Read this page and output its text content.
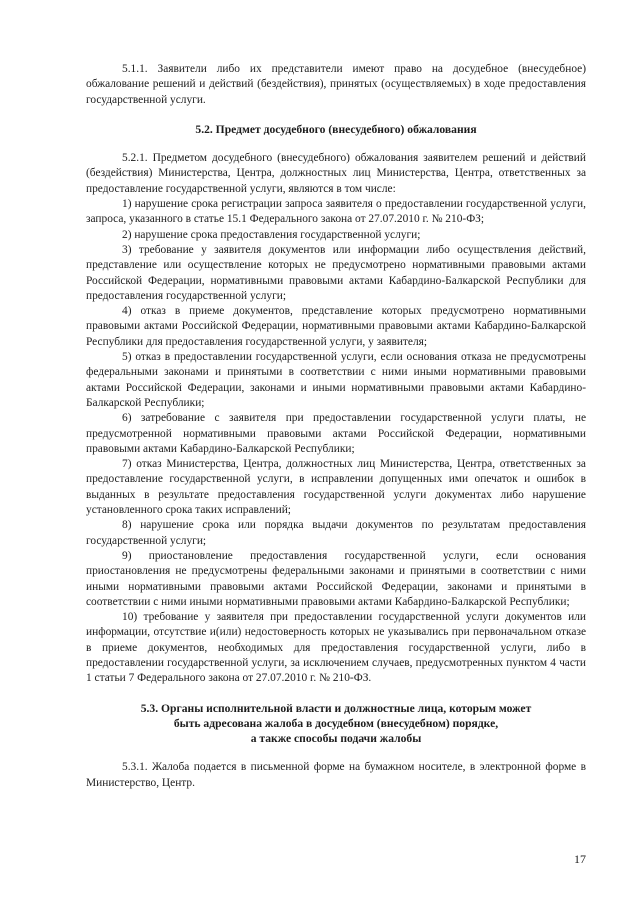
5.1.1. Заявители либо их представители имеют право на досудебное (внесудебное) обжалование решений и действий (бездействия), принятых (осуществляемых) в ходе предоставления государственной услуги.

5.2. Предмет досудебного (внесудебного) обжалования

5.2.1. Предметом досудебного (внесудебного) обжалования заявителем решений и действий (бездействия) Министерства, Центра, должностных лиц Министерства, Центра, ответственных за предоставление государственной услуги, являются в том числе:

1) нарушение срока регистрации запроса заявителя о предоставлении государственной услуги, запроса, указанного в статье 15.1 Федерального закона от 27.07.2010 г. № 210-ФЗ;

2) нарушение срока предоставления государственной услуги;

3) требование у заявителя документов или информации либо осуществления действий, представление или осуществление которых не предусмотрено нормативными правовыми актами Российской Федерации, нормативными правовыми актами Кабардино-Балкарской Республики для предоставления государственной услуги;

4) отказ в приеме документов, представление которых предусмотрено нормативными правовыми актами Российской Федерации, нормативными правовыми актами Кабардино-Балкарской Республики для предоставления государственной услуги, у заявителя;

5) отказ в предоставлении государственной услуги, если основания отказа не предусмотрены федеральными законами и принятыми в соответствии с ними иными нормативными правовыми актами Российской Федерации, законами и иными нормативными правовыми актами Кабардино-Балкарской Республики;

6) затребование с заявителя при предоставлении государственной услуги платы, не предусмотренной нормативными правовыми актами Российской Федерации, нормативными правовыми актами Кабардино-Балкарской Республики;

7) отказ Министерства, Центра, должностных лиц Министерства, Центра, ответственных за предоставление государственной услуги, в исправлении допущенных ими опечаток и ошибок в выданных в результате предоставления государственной услуги документах либо нарушение установленного срока таких исправлений;

8) нарушение срока или порядка выдачи документов по результатам предоставления государственной услуги;

9) приостановление предоставления государственной услуги, если основания приостановления не предусмотрены федеральными законами и принятыми в соответствии с ними иными нормативными правовыми актами Российской Федерации, законами и принятыми в соответствии с ними иными нормативными правовыми актами Кабардино-Балкарской Республики;

10) требование у заявителя при предоставлении государственной услуги документов или информации, отсутствие и(или) недостоверность которых не указывались при первоначальном отказе в приеме документов, необходимых для предоставления государственной услуги, либо в предоставлении государственной услуги, за исключением случаев, предусмотренных пунктом 4 части 1 статьи 7 Федерального закона от 27.07.2010 г. № 210-ФЗ.

5.3. Органы исполнительной власти и должностные лица, которым может

быть адресована жалоба в досудебном (внесудебном) порядке,

а также способы подачи жалобы

5.3.1. Жалоба подается в письменной форме на бумажном носителе, в электронной форме в Министерство, Центр.

17
